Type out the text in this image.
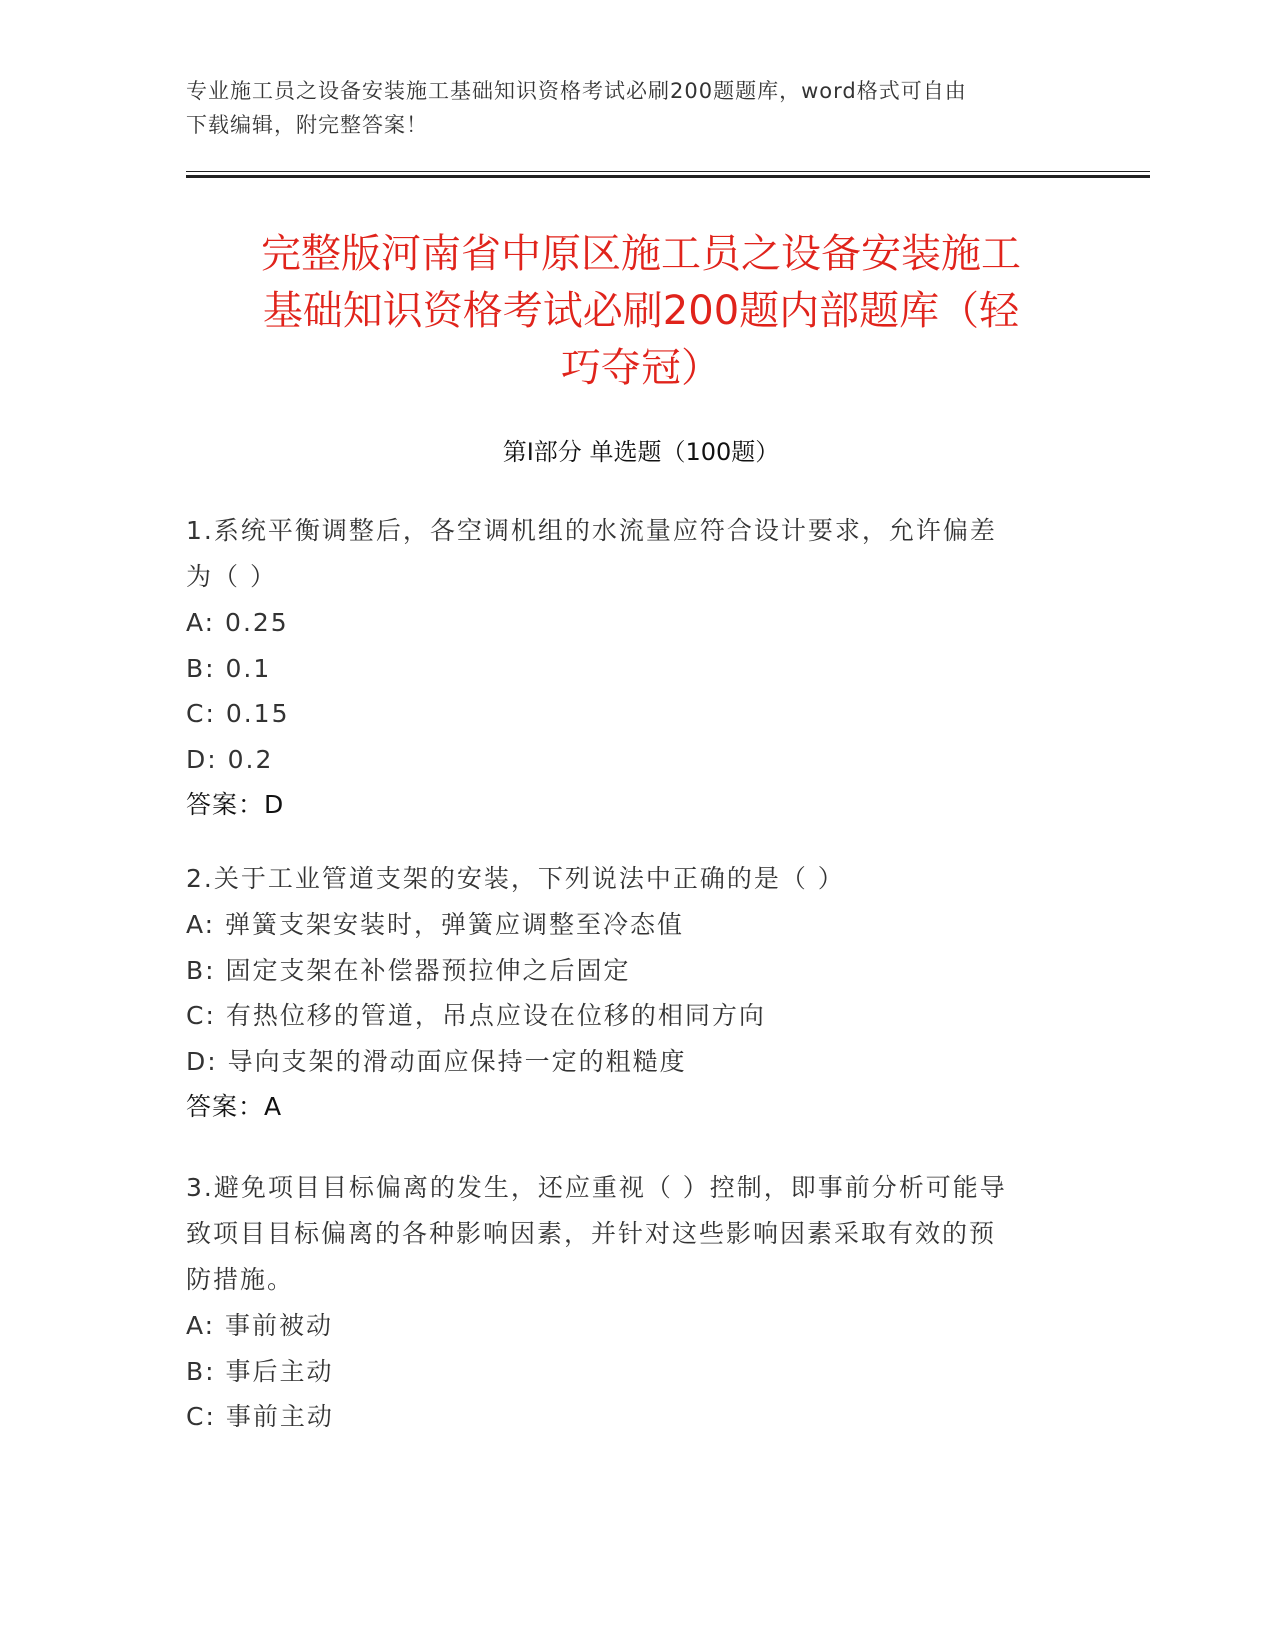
专业施工员之设备安装施工基础知识资格考试必刷200题题库，word格式可自由
下载编辑，附完整答案！
完整版河南省中原区施工员之设备安装施工
基础知识资格考试必刷200题内部题库（轻
巧夺冠）
第I部分 单选题（100题）
1.系统平衡调整后，各空调机组的水流量应符合设计要求，允许偏差
为（ ）
A: 0.25
B: 0.1
C: 0.15
D: 0.2
答案：D
2.关于工业管道支架的安装，下列说法中正确的是（ ）
A: 弹簧支架安装时，弹簧应调整至冷态值
B: 固定支架在补偿器预拉伸之后固定
C: 有热位移的管道，吊点应设在位移的相同方向
D: 导向支架的滑动面应保持一定的粗糙度
答案：A
3.避免项目目标偏离的发生，还应重视（ ）控制，即事前分析可能导
致项目目标偏离的各种影响因素，并针对这些影响因素采取有效的预
防措施。
A: 事前被动
B: 事后主动
C: 事前主动
